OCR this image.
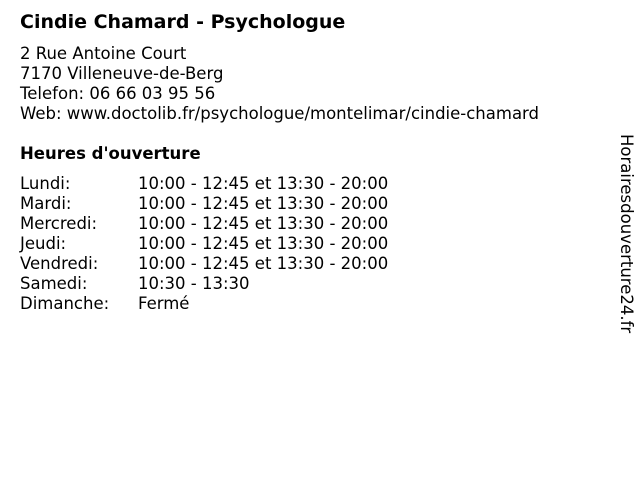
Cindie Chamard - Psychologue
2 Rue Antoine Court
7170 Villeneuve-de-Berg
Telefon: 06 66 03 95 56
Web: www.doctolib.fr/psychologue/montelimar/cindie-chamard
Heures d'ouverture
Lundi:	10:00 - 12:45 et 13:30 - 20:00
Mardi:	10:00 - 12:45 et 13:30 - 20:00
Mercredi:	10:00 - 12:45 et 13:30 - 20:00
Jeudi:	10:00 - 12:45 et 13:30 - 20:00
Vendredi:	10:00 - 12:45 et 13:30 - 20:00
Samedi:	10:30 - 13:30
Dimanche:	Fermé	Horairesdouverture24.fr
